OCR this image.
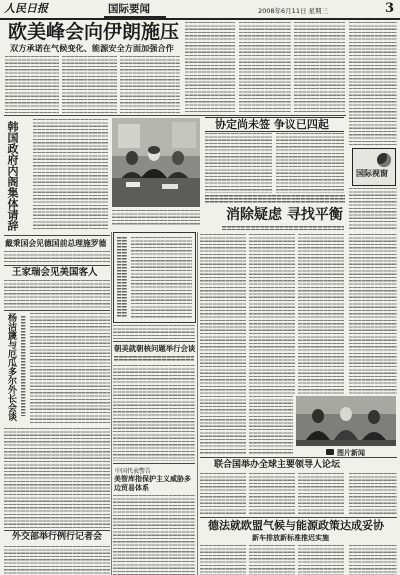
人民日报	国际要闻	2008年6月11日 星期三	3
欧美峰会向伊朗施压
双方承诺在气候变化、能源安全方面加强合作
韩国政府内阁集体请辞	协定尚未签 争议已四起
国际视窗
消除疑虑 寻找平衡
戴秉国会见德国前总理施罗德
王家瑞会见美国客人
杨洁篪与厄瓜多尔外长会谈
外交部举行例行记者会
朝美就朝核问题举行会谈
中国代表警告
美智库指保护主义威胁多边贸易体系
图片新闻
联合国举办全球主要领导人论坛
德法就欧盟气候与能源政策达成妥协
新车排放新标准推迟实施
